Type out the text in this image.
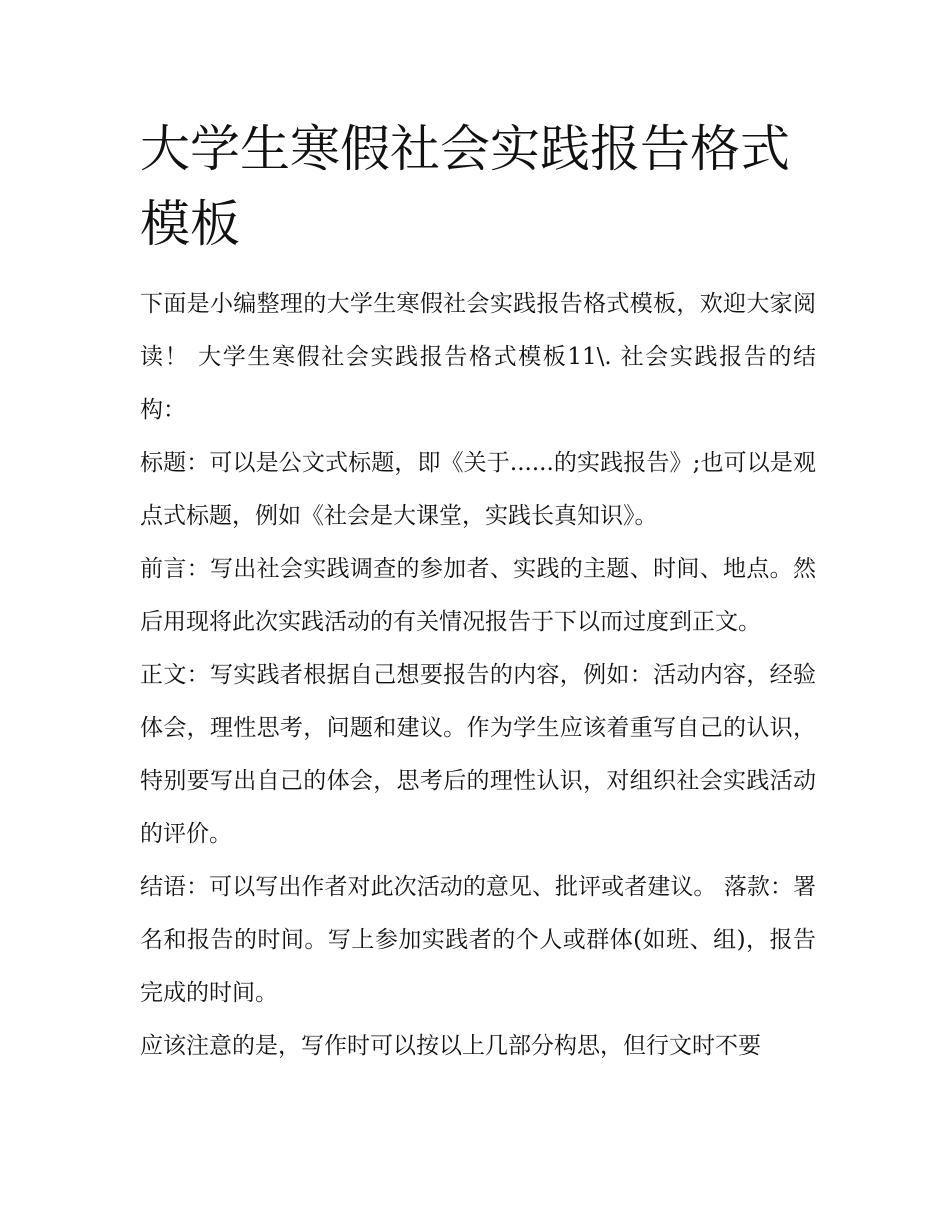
大学生寒假社会实践报告格式模板

下面是小编整理的大学生寒假社会实践报告格式模板，欢迎大家阅读！ 大学生寒假社会实践报告格式模板11\. 社会实践报告的结构：

标题：可以是公文式标题，即《关于......的实践报告》;也可以是观点式标题，例如《社会是大课堂，实践长真知识》。

前言：写出社会实践调查的参加者、实践的主题、时间、地点。然后用现将此次实践活动的有关情况报告于下以而过度到正文。

正文：写实践者根据自己想要报告的内容，例如：活动内容，经验体会，理性思考，问题和建议。作为学生应该着重写自己的认识，特别要写出自己的体会，思考后的理性认识，对组织社会实践活动的评价。

结语：可以写出作者对此次活动的意见、批评或者建议。 落款：署名和报告的时间。写上参加实践者的个人或群体(如班、组)，报告完成的时间。

应该注意的是，写作时可以按以上几部分构思，但行文时不要
